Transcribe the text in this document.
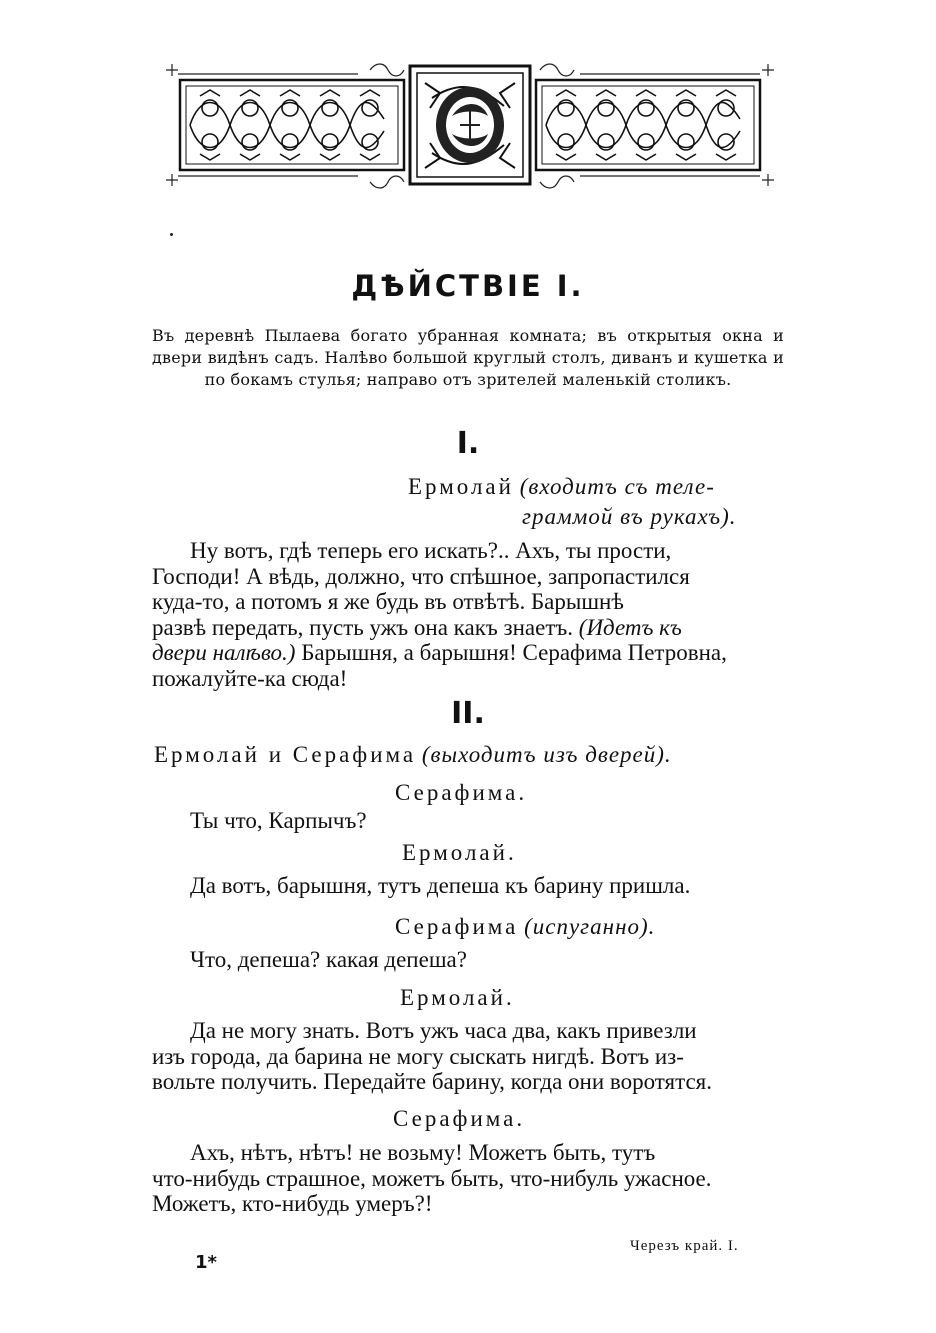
ДѢЙСТВІЕ I.
Въ деревнѣ Пылаева богато убранная комната; въ открытыя окна и двери видѣнъ садъ. Налѣво большой круглый столъ, диванъ и кушетка и по бокамъ стулья; направо отъ зрителей маленькій столикъ.
I.
Ермолай (входитъ съ теле-
граммой въ рукахъ).
Ну вотъ, гдѣ теперь его искать?.. Ахъ, ты прости,
Господи! А вѣдь, должно, что спѣшное, запропастился
куда-то, а потомъ я же будь въ отвѣтѣ. Барышнѣ
развѣ передать, пусть ужъ она какъ знаетъ. (Идетъ къ
двери налѣво.) Барышня, а барышня! Серафима Петровна,
пожалуйте-ка сюда!
II.
Ермолай и Серафима (выходитъ изъ дверей).
Серафима.
Ты что, Карпычъ?
Ермолай.
Да вотъ, барышня, тутъ депеша къ барину пришла.
Серафима (испуганно).
Что, депеша? какая депеша?
Ермолай.
Да не могу знать. Вотъ ужъ часа два, какъ привезли
изъ города, да барина не могу сыскать нигдѣ. Вотъ из-
вольте получить. Передайте барину, когда они воротятся.
Серафима.
Ахъ, нѣтъ, нѣтъ! не возьму! Можетъ быть, тутъ
что-нибудь страшное, можетъ быть, что-нибуль ужасное.
Можетъ, кто-нибудь умеръ?!
Черезъ край. I.
1*
